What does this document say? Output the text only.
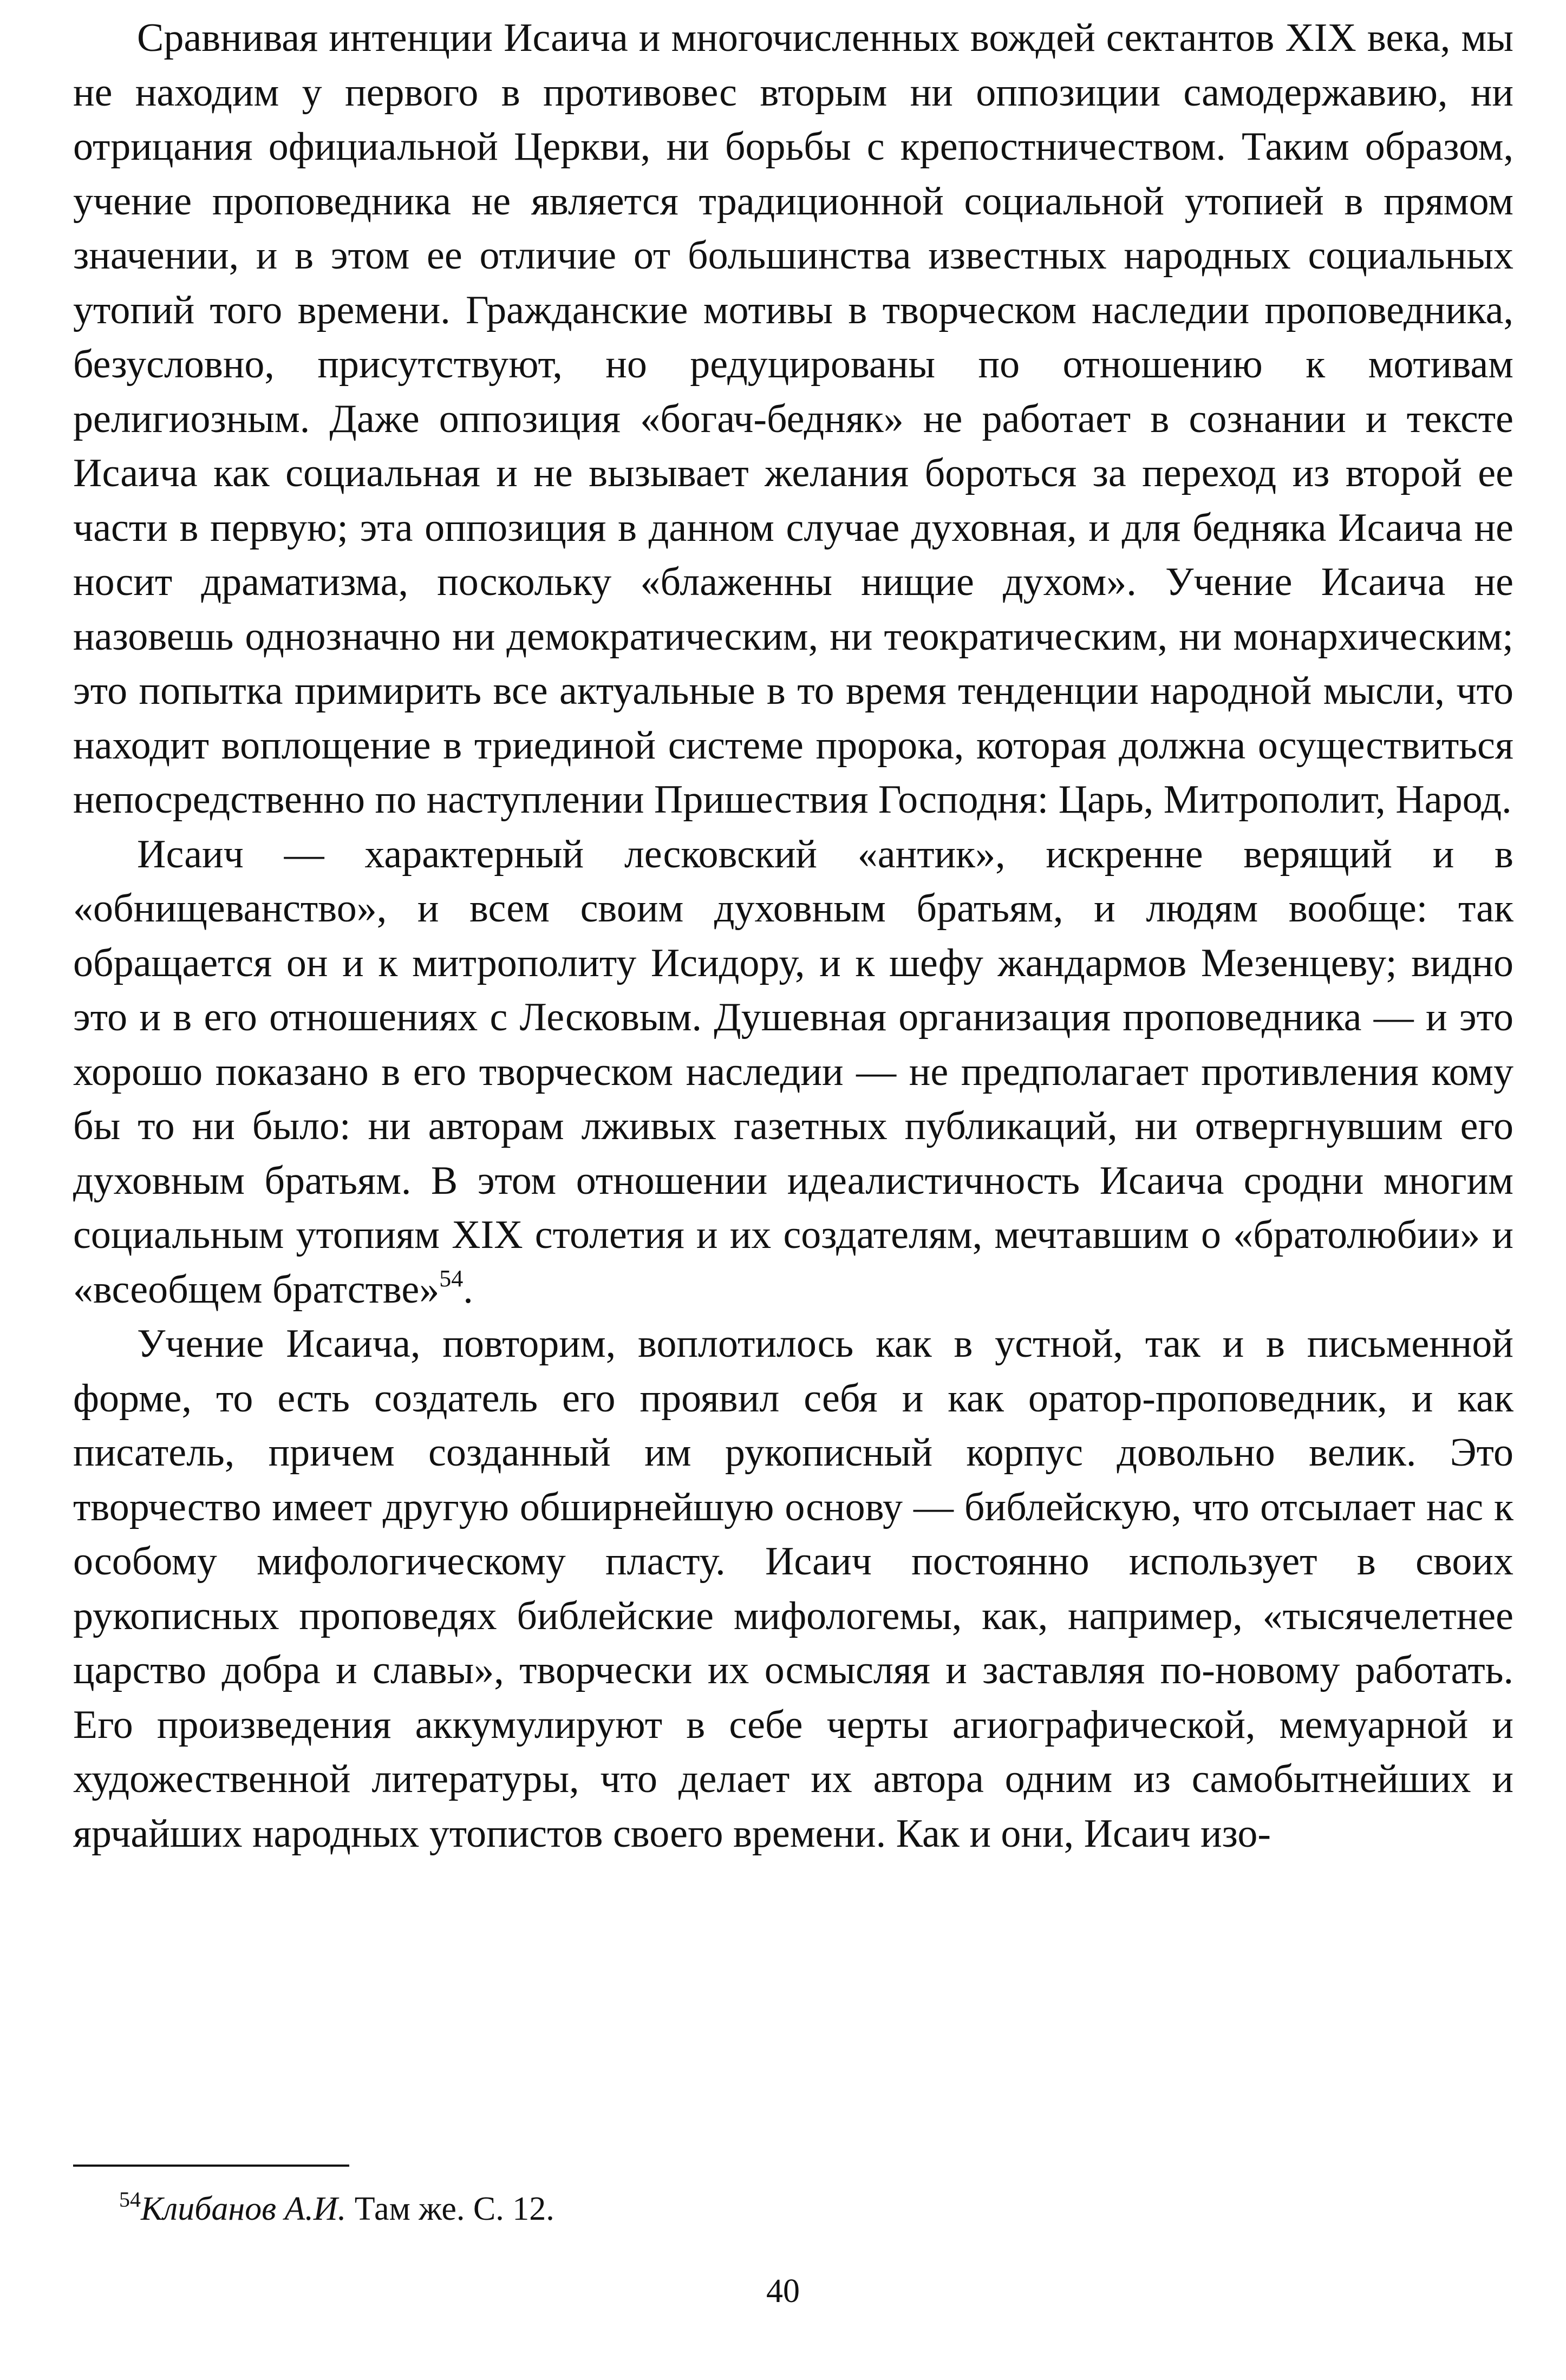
Сравнивая интенции Исаича и многочисленных вождей сектантов XIX века, мы не находим у первого в противовес вторым ни оппозиции самодержавию, ни отрицания официальной Церкви, ни борьбы с крепостничеством. Таким образом, учение проповедника не является традиционной социальной утопией в прямом значении, и в этом ее отличие от большинства известных народных социальных утопий того времени. Гражданские мотивы в творческом наследии проповедника, безусловно, присутствуют, но редуцированы по отношению к мотивам религиозным. Даже оппозиция «богач-бедняк» не работает в сознании и тексте Исаича как социальная и не вызывает желания бороться за переход из второй ее части в первую; эта оппозиция в данном случае духовная, и для бедняка Исаича не носит драматизма, поскольку «блаженны нищие духом». Учение Исаича не назовешь однозначно ни демократическим, ни теократическим, ни монархическим; это попытка примирить все актуальные в то время тенденции народной мысли, что находит воплощение в триединой системе пророка, которая должна осуществиться непосредственно по наступлении Пришествия Господня: Царь, Митрополит, Народ.

Исаич — характерный лесковский «антик», искренне верящий и в «обнищеванство», и всем своим духовным братьям, и людям вообще: так обращается он и к митрополиту Исидору, и к шефу жандармов Мезенцеву; видно это и в его отношениях с Лесковым. Душевная организация проповедника — и это хорошо показано в его творческом наследии — не предполагает противления кому бы то ни было: ни авторам лживых газетных публикаций, ни отвергнувшим его духовным братьям. В этом отношении идеалистичность Исаича сродни многим социальным утопиям XIX столетия и их создателям, мечтавшим о «братолюбии» и «всеобщем братстве»$^{54}$.

Учение Исаича, повторим, воплотилось как в устной, так и в письменной форме, то есть создатель его проявил себя и как оратор-проповедник, и как писатель, причем созданный им рукописный корпус довольно велик. Это творчество имеет другую обширнейшую основу — библейскую, что отсылает нас к особому мифологическому пласту. Исаич постоянно использует в своих рукописных проповедях библейские мифологемы, как, например, «тысячелетнее царство добра и славы», творчески их осмысляя и заставляя по-новому работать. Его произведения аккумулируют в себе черты агиографической, мемуарной и художественной литературы, что делает их автора одним из самобытнейших и ярчайших народных утопистов своего времени. Как и они, Исаич изо-

$^{54}$Клибанов А.И. Там же. С. 12.
40
